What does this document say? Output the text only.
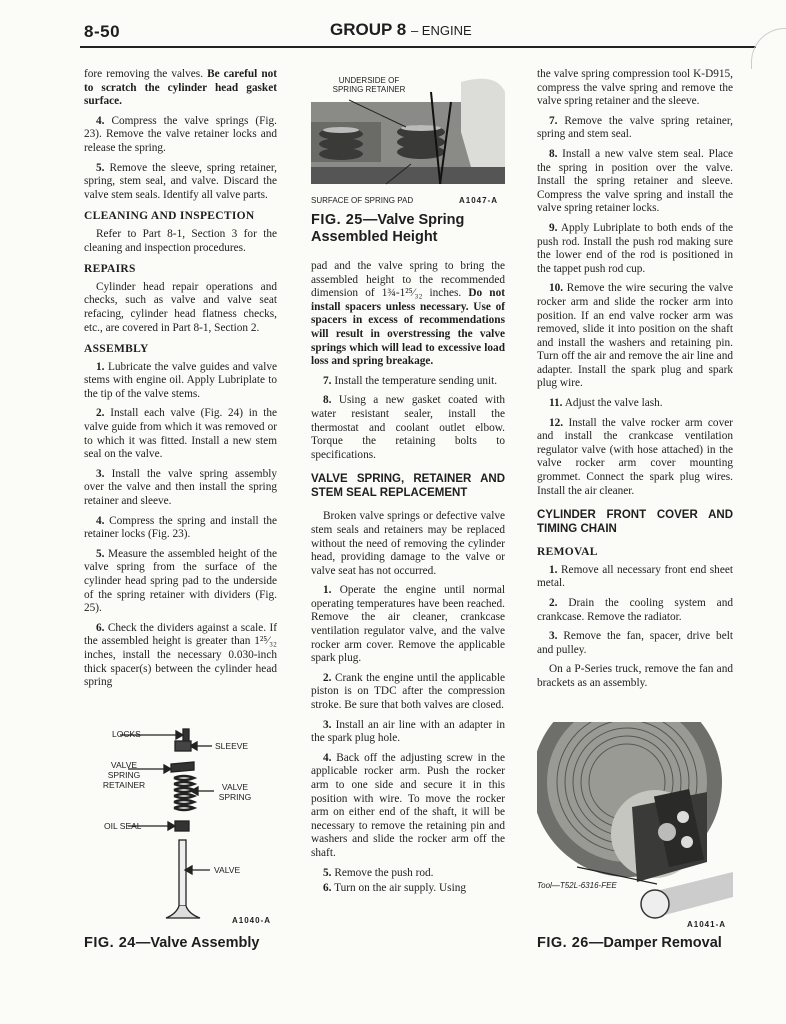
8-50	GROUP 8 – ENGINE

fore removing the valves. Be careful not to scratch the cylinder head gasket surface.

4. Compress the valve springs (Fig. 23). Remove the valve retainer locks and release the spring.

5. Remove the sleeve, spring retainer, spring, stem seal, and valve. Discard the valve stem seals. Identify all valve parts.

CLEANING AND INSPECTION

Refer to Part 8-1, Section 3 for the cleaning and inspection procedures.

REPAIRS

Cylinder head repair operations and checks, such as valve and valve seat refacing, cylinder head flatness checks, etc., are covered in Part 8-1, Section 2.

ASSEMBLY

1. Lubricate the valve guides and valve stems with engine oil. Apply Lubriplate to the tip of the valve stems.

2. Install each valve (Fig. 24) in the valve guide from which it was removed or to which it was fitted. Install a new stem seal on the valve.

3. Install the valve spring assembly over the valve and then install the spring retainer and sleeve.

4. Compress the spring and install the retainer locks (Fig. 23).

5. Measure the assembled height of the valve spring from the surface of the cylinder head spring pad to the underside of the spring retainer with dividers (Fig. 25).

6. Check the dividers against a scale. If the assembled height is greater than 1²⁵⁄₃₂ inches, install the necessary 0.030-inch thick spacer(s) between the cylinder head spring

LOCKS
SLEEVE
VALVE SPRING RETAINER	VALVE SPRING
OIL SEAL
VALVE
A1040-A
FIG. 24—Valve Assembly
UNDERSIDE OF SPRING RETAINER
SURFACE OF SPRING PAD	A1047-A
FIG. 25—Valve Spring Assembled Height

pad and the valve spring to bring the assembled height to the recommended dimension of 1¾-1²⁵⁄₃₂ inches. Do not install spacers unless necessary. Use of spacers in excess of recommendations will result in overstressing the valve springs which will lead to excessive load loss and spring breakage.

7. Install the temperature sending unit.

8. Using a new gasket coated with water resistant sealer, install the thermostat and coolant outlet elbow. Torque the retaining bolts to specifications.

VALVE SPRING, RETAINER AND STEM SEAL REPLACEMENT

Broken valve springs or defective valve stem seals and retainers may be replaced without the need of removing the cylinder head, providing damage to the valve or valve seat has not occurred.

1. Operate the engine until normal operating temperatures have been reached. Remove the air cleaner, crankcase ventilation regulator valve, and the valve rocker arm cover. Remove the applicable spark plug.

2. Crank the engine until the applicable piston is on TDC after the compression stroke. Be sure that both valves are closed.

3. Install an air line with an adapter in the spark plug hole.

4. Back off the adjusting screw in the applicable rocker arm. Push the rocker arm to one side and secure it in this position with wire. To move the rocker arm on either end of the shaft, it will be necessary to remove the retaining pin and washers and slide the rocker arm off the shaft.

5. Remove the push rod.

6. Turn on the air supply. Using

the valve spring compression tool K-D915, compress the valve spring and remove the valve spring retainer and the sleeve.

7. Remove the valve spring retainer, spring and stem seal.

8. Install a new valve stem seal. Place the spring in position over the valve. Install the spring retainer and sleeve. Compress the valve spring and install the valve spring retainer locks.

9. Apply Lubriplate to both ends of the push rod. Install the push rod making sure the lower end of the rod is positioned in the tappet push rod cup.

10. Remove the wire securing the valve rocker arm and slide the rocker arm into position. If an end valve rocker arm was removed, slide it into position on the shaft and install the washers and retaining pin. Turn off the air and remove the air line and adapter. Install the spark plug and spark plug wire.

11. Adjust the valve lash.

12. Install the valve rocker arm cover and install the crankcase ventilation regulator valve (with hose attached) in the valve rocker arm cover mounting grommet. Connect the spark plug wires. Install the air cleaner.

CYLINDER FRONT COVER AND TIMING CHAIN
REMOVAL

1. Remove all necessary front end sheet metal.

2. Drain the cooling system and crankcase. Remove the radiator.

3. Remove the fan, spacer, drive belt and pulley.

On a P-Series truck, remove the fan and brackets as an assembly.

Tool—T52L-6316-FEE
A1041-A
FIG. 26—Damper Removal
